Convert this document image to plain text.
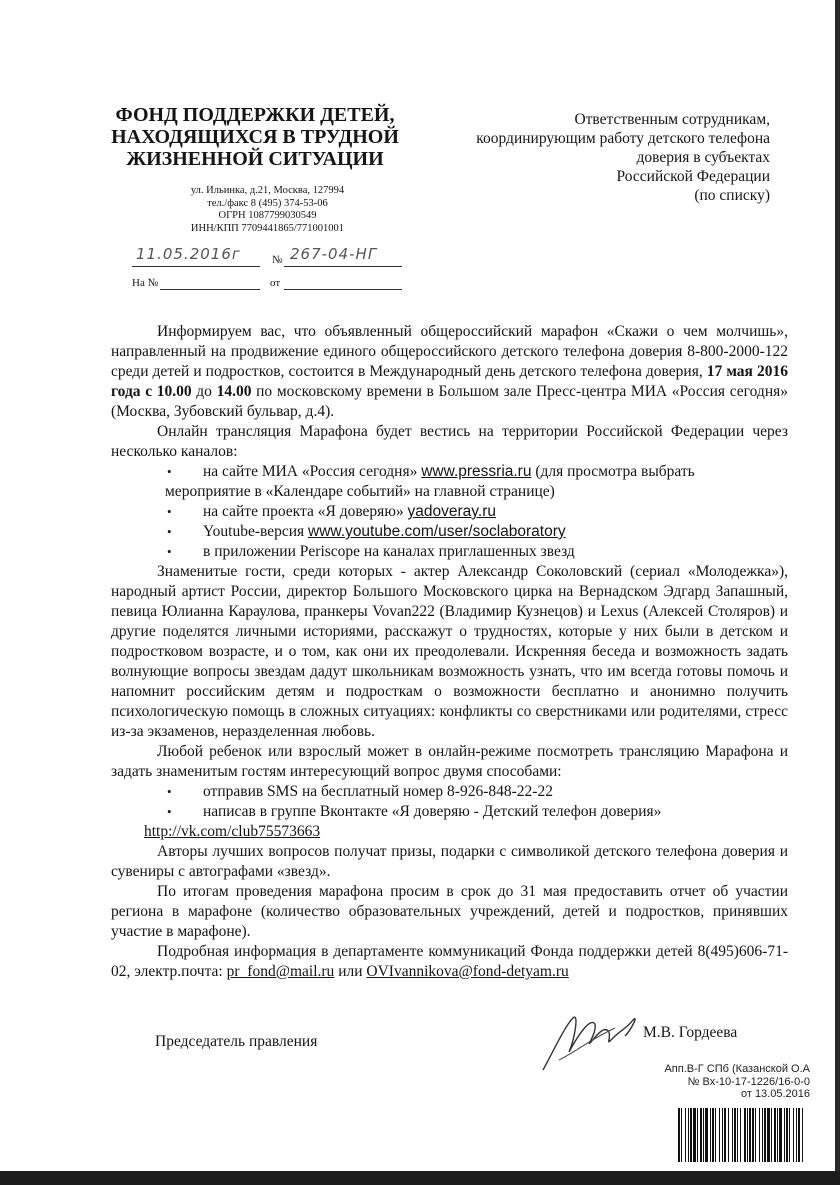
ФОНД ПОДДЕРЖКИ ДЕТЕЙ,
НАХОДЯЩИХСЯ В ТРУДНОЙ
ЖИЗНЕННОЙ СИТУАЦИИ
ул. Ильинка, д.21, Москва, 127994
тел./факс 8 (495) 374-53-06
ОГРН 1087799030549
ИНН/КПП 7709441865/771001001
11.05.2016г	№ 267-04-НГ
На №	от
Ответственным сотрудникам,
координирующим работу детского телефона
доверия в субъектах
Российской Федерации
(по списку)

Информируем вас, что объявленный общероссийский марафон «Скажи о чем молчишь», направленный на продвижение единого общероссийского детского телефона доверия 8-800-2000-122 среди детей и подростков, состоится в Международный день детского телефона доверия, 17 мая 2016 года с 10.00 до 14.00 по московскому времени в Большом зале Пресс-центра МИА «Россия сегодня» (Москва, Зубовский бульвар, д.4).

Онлайн трансляция Марафона будет вестись на территории Российской Федерации через несколько каналов:

• на сайте МИА «Россия сегодня» www.pressria.ru (для просмотра выбрать
мероприятие в «Календаре событий» на главной странице)
• на сайте проекта «Я доверяю» yadoveray.ru
• Youtube-версия www.youtube.com/user/soclaboratory
• в приложении Periscope на каналах приглашенных звезд

Знаменитые гости, среди которых - актер Александр Соколовский (сериал «Молодежка»), народный артист России, директор Большого Московского цирка на Вернадском Эдгард Запашный, певица Юлианна Караулова, пранкеры Vovan222 (Владимир Кузнецов) и Lexus (Алексей Столяров) и другие поделятся личными историями, расскажут о трудностях, которые у них были в детском и подростковом возрасте, и о том, как они их преодолевали. Искренняя беседа и возможность задать волнующие вопросы звездам дадут школьникам возможность узнать, что им всегда готовы помочь и напомнит российским детям и подросткам о возможности бесплатно и анонимно получить психологическую помощь в сложных ситуациях: конфликты со сверстниками или родителями, стресс из-за экзаменов, неразделенная любовь.

Любой ребенок или взрослый может в онлайн-режиме посмотреть трансляцию Марафона и задать знаменитым гостям интересующий вопрос двумя способами:

• отправив SMS на бесплатный номер 8-926-848-22-22
• написав в группе Вконтакте «Я доверяю - Детский телефон доверия»
http://vk.com/club75573663

Авторы лучших вопросов получат призы, подарки с символикой детского телефона доверия и сувениры с автографами «звезд».

По итогам проведения марафона просим в срок до 31 мая предоставить отчет об участии региона в марафоне (количество образовательных учреждений, детей и подростков, принявших участие в марафоне).

Подробная информация в департаменте коммуникаций Фонда поддержки детей 8(495)606-71-02, электр.почта: pr_fond@mail.ru или OVIvannikova@fond-detyam.ru

Председатель правления
М.В. Гордеева
Апп.В-Г СПб (Казанской О.А
№ Вх-10-17-1226/16-0-0
от 13.05.2016
